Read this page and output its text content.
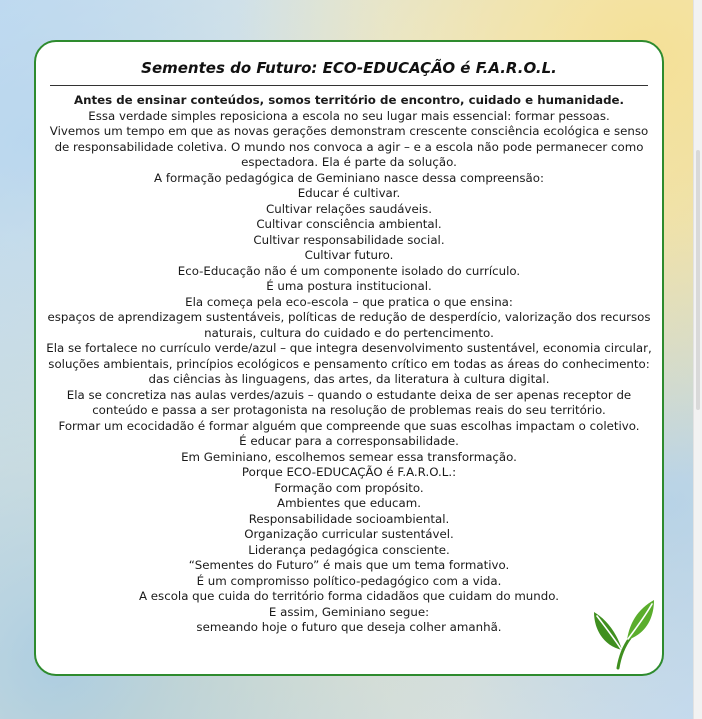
Sementes do Futuro: ECO-EDUCAÇÃO é F.A.R.O.L.

Antes de ensinar conteúdos, somos território de encontro, cuidado e humanidade.

Essa verdade simples reposiciona a escola no seu lugar mais essencial: formar pessoas.

Vivemos um tempo em que as novas gerações demonstram crescente consciência ecológica e senso de responsabilidade coletiva. O mundo nos convoca a agir – e a escola não pode permanecer como espectadora. Ela é parte da solução.

A formação pedagógica de Geminiano nasce dessa compreensão:

Educar é cultivar.

Cultivar relações saudáveis.

Cultivar consciência ambiental.

Cultivar responsabilidade social.

Cultivar futuro.

Eco-Educação não é um componente isolado do currículo.

É uma postura institucional.

Ela começa pela eco-escola – que pratica o que ensina:

espaços de aprendizagem sustentáveis, políticas de redução de desperdício, valorização dos recursos naturais, cultura do cuidado e do pertencimento.

Ela se fortalece no currículo verde/azul – que integra desenvolvimento sustentável, economia circular, soluções ambientais, princípios ecológicos e pensamento crítico em todas as áreas do conhecimento: das ciências às linguagens, das artes, da literatura à cultura digital.

Ela se concretiza nas aulas verdes/azuis – quando o estudante deixa de ser apenas receptor de conteúdo e passa a ser protagonista na resolução de problemas reais do seu território.

Formar um ecocidadão é formar alguém que compreende que suas escolhas impactam o coletivo.

É educar para a corresponsabilidade.

Em Geminiano, escolhemos semear essa transformação.

Porque ECO-EDUCAÇÃO é F.A.R.O.L.:

Formação com propósito.

Ambientes que educam.

Responsabilidade socioambiental.

Organização curricular sustentável.

Liderança pedagógica consciente.

“Sementes do Futuro” é mais que um tema formativo.

É um compromisso político-pedagógico com a vida.

A escola que cuida do território forma cidadãos que cuidam do mundo.

E assim, Geminiano segue:

semeando hoje o futuro que deseja colher amanhã.
